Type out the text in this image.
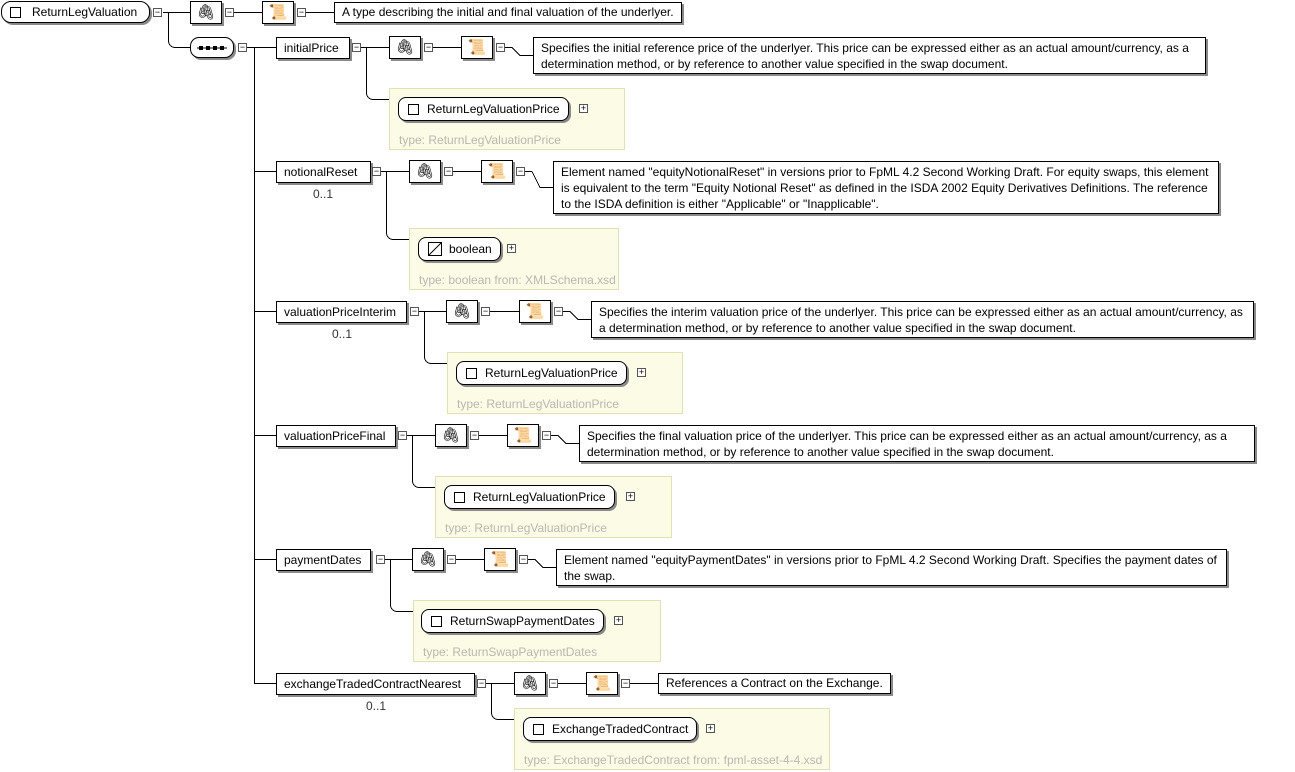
ReturnLegValuation	−	🖇	−	📜	−	A type describing the initial and final valuation of the underlyer.
−	initialPrice	−	🖇	−	📜	−	Specifies the initial reference price of the underlyer. This price can be expressed either as an actual amount/currency, as a determination method, or by reference to another value specified in the swap document.
type: ReturnLegValuationPrice
ReturnLegValuationPrice +
notionalReset
0..1
−	🖇	−	📜	−	Element named "equityNotionalReset" in versions prior to FpML 4.2 Second Working Draft. For equity swaps, this element is equivalent to the term "Equity Notional Reset" as defined in the ISDA 2002 Equity Derivatives Definitions. The reference to the ISDA definition is either "Applicable" or "Inapplicable".
type: boolean from: XMLSchema.xsd
boolean +
valuationPriceInterim
0..1
−	🖇	−	📜	−	Specifies the interim valuation price of the underlyer. This price can be expressed either as an actual amount/currency, as a determination method, or by reference to another value specified in the swap document.
type: ReturnLegValuationPrice
ReturnLegValuationPrice +
valuationPriceFinal	−	🖇	−	📜	−	Specifies the final valuation price of the underlyer. This price can be expressed either as an actual amount/currency, as a determination method, or by reference to another value specified in the swap document.
type: ReturnLegValuationPrice
ReturnLegValuationPrice +
paymentDates	−	🖇	−	📜	−	Element named "equityPaymentDates" in versions prior to FpML 4.2 Second Working Draft. Specifies the payment dates of the swap.
type: ReturnSwapPaymentDates
ReturnSwapPaymentDates +
exchangeTradedContractNearest
0..1
−	🖇	−	📜	−	References a Contract on the Exchange.
type: ExchangeTradedContract from: fpml-asset-4-4.xsd
ExchangeTradedContract +
